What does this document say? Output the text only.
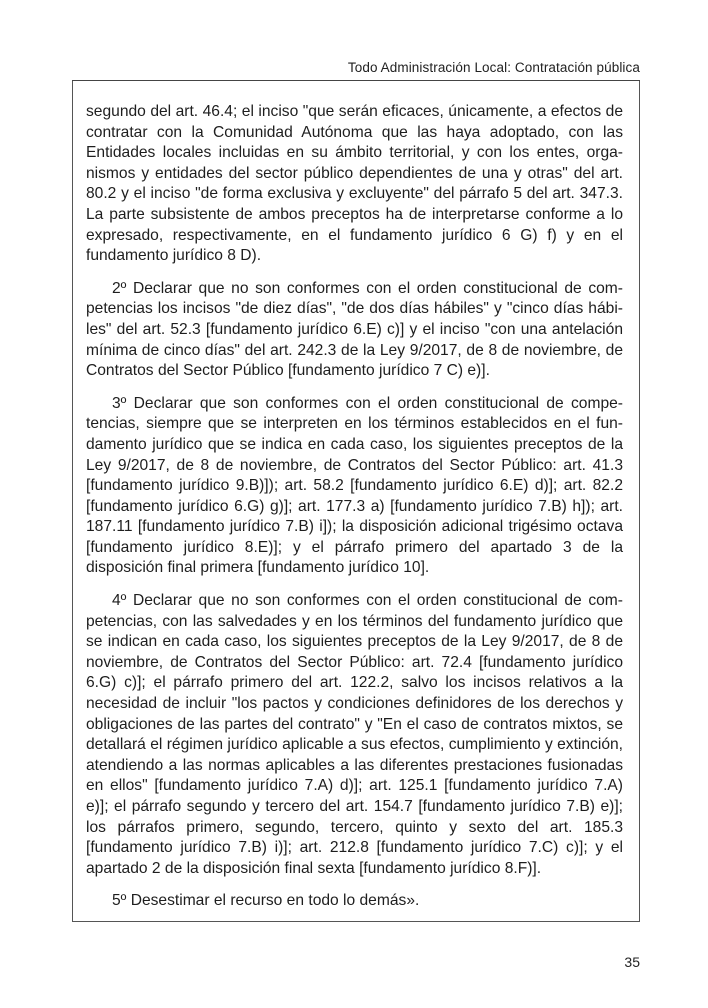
Todo Administración Local: Contratación pública

segundo del art. 46.4; el inciso "que serán eficaces, únicamente, a efectos de contratar con la Comunidad Autónoma que las haya adoptado, con las Entidades locales incluidas en su ámbito territorial, y con los entes, organismos y entidades del sector público dependientes de una y otras" del art. 80.2 y el inciso "de forma exclusiva y excluyente" del párrafo 5 del art. 347.3. La parte subsistente de ambos preceptos ha de interpretarse conforme a lo expresado, respectivamente, en el fundamento jurídico 6 G) f) y en el fundamento jurídico 8 D).

2º Declarar que no son conformes con el orden constitucional de competencias los incisos "de diez días", "de dos días hábiles" y "cinco días hábiles" del art. 52.3 [fundamento jurídico 6.E) c)] y el inciso "con una antelación mínima de cinco días" del art. 242.3 de la Ley 9/2017, de 8 de noviembre, de Contratos del Sector Público [fundamento jurídico 7 C) e)].

3º Declarar que son conformes con el orden constitucional de competencias, siempre que se interpreten en los términos establecidos en el fundamento jurídico que se indica en cada caso, los siguientes preceptos de la Ley 9/2017, de 8 de noviembre, de Contratos del Sector Público: art. 41.3 [fundamento jurídico 9.B)]); art. 58.2 [fundamento jurídico 6.E) d)]; art. 82.2 [fundamento jurídico 6.G) g)]; art. 177.3 a) [fundamento jurídico 7.B) h]); art. 187.11 [fundamento jurídico 7.B) i]); la disposición adicional trigésimo octava [fundamento jurídico 8.E)]; y el párrafo primero del apartado 3 de la disposición final primera [fundamento jurídico 10].

4º Declarar que no son conformes con el orden constitucional de competencias, con las salvedades y en los términos del fundamento jurídico que se indican en cada caso, los siguientes preceptos de la Ley 9/2017, de 8 de noviembre, de Contratos del Sector Público: art. 72.4 [fundamento jurídico 6.G) c)]; el párrafo primero del art. 122.2, salvo los incisos relativos a la necesidad de incluir "los pactos y condiciones definidores de los derechos y obligaciones de las partes del contrato" y "En el caso de contratos mixtos, se detallará el régimen jurídico aplicable a sus efectos, cumplimiento y extinción, atendiendo a las normas aplicables a las diferentes prestaciones fusionadas en ellos" [fundamento jurídico 7.A) d)]; art. 125.1 [fundamento jurídico 7.A) e)]; el párrafo segundo y tercero del art. 154.7 [fundamento jurídico 7.B) e)]; los párrafos primero, segundo, tercero, quinto y sexto del art. 185.3 [fundamento jurídico 7.B) i)]; art. 212.8 [fundamento jurídico 7.C) c)]; y el apartado 2 de la disposición final sexta [fundamento jurídico 8.F)].

5º Desestimar el recurso en todo lo demás».

35
